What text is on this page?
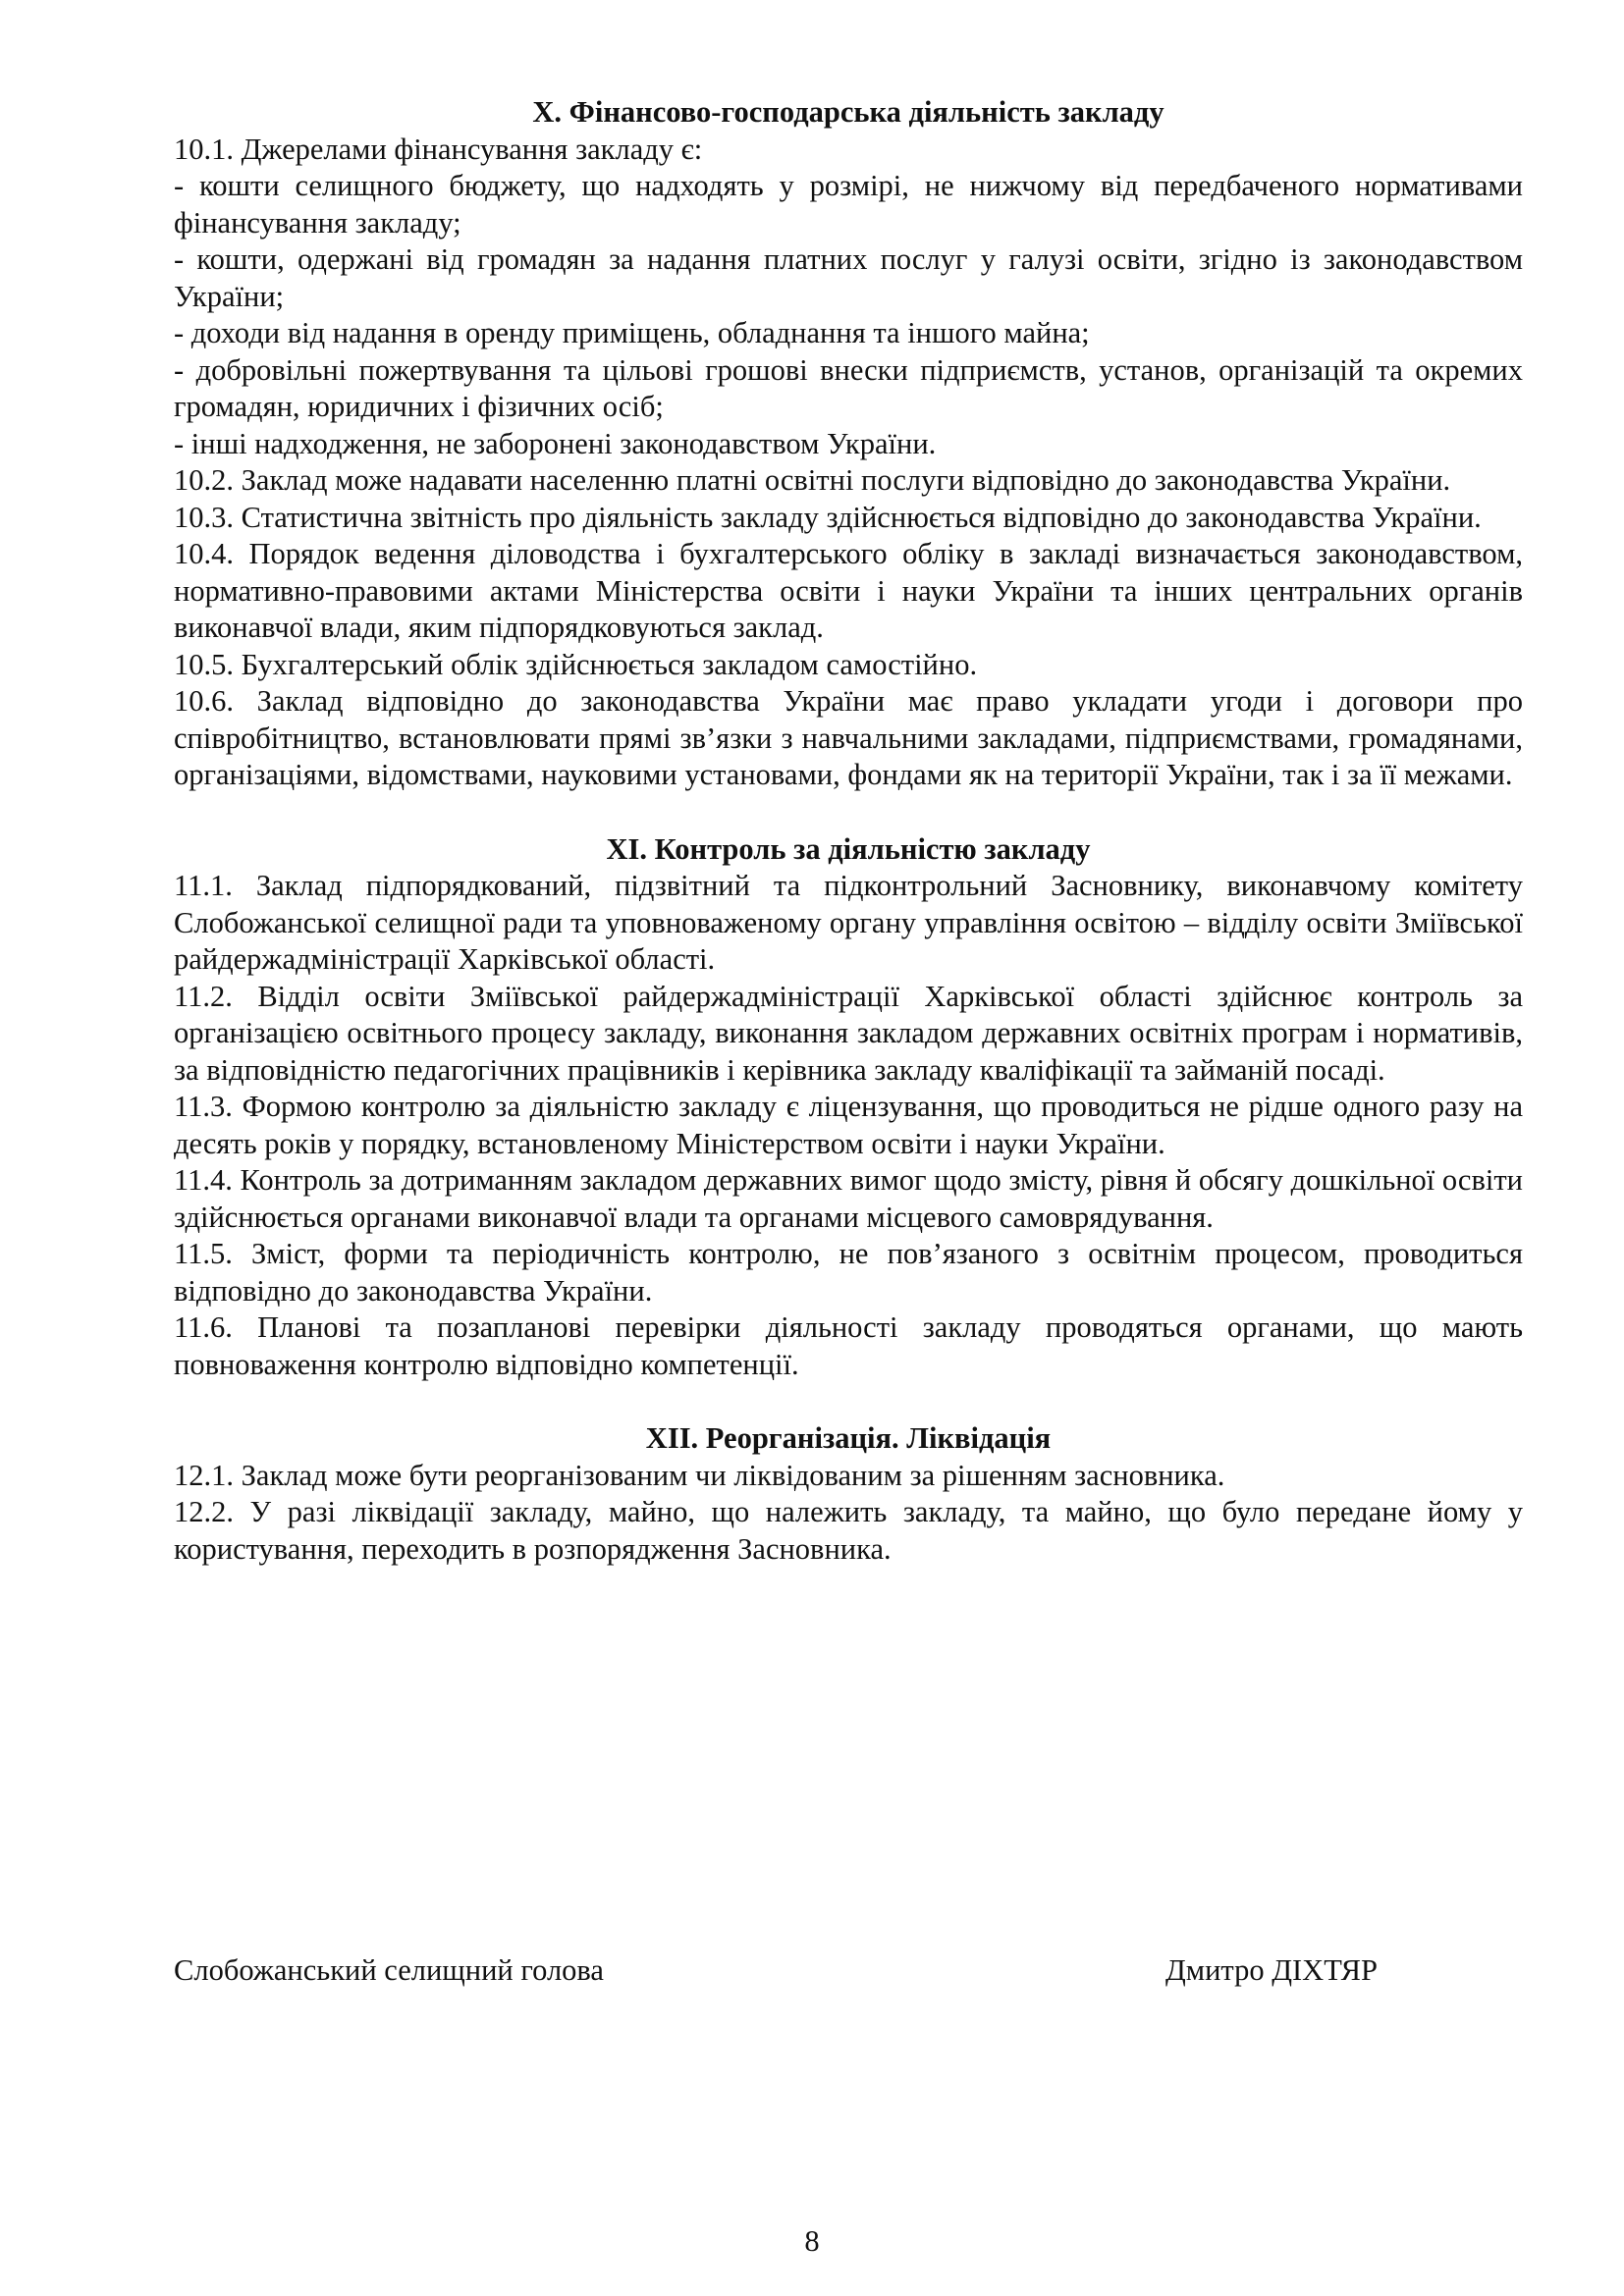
X. Фінансово-господарська діяльність закладу

10.1. Джерелами фінансування закладу є:

- кошти селищного бюджету, що надходять у розмірі, не нижчому від передбаченого нормативами фінансування закладу;

- кошти, одержані від громадян за надання платних послуг у галузі освіти, згідно із законодавством України;

- доходи від надання в оренду приміщень, обладнання та іншого майна;

- добровільні пожертвування та цільові грошові внески підприємств, установ, організацій та окремих громадян, юридичних і фізичних осіб;

- інші надходження, не заборонені законодавством України.

10.2. Заклад може надавати населенню платні освітні послуги відповідно до законодавства України.

10.3. Статистична звітність про діяльність закладу здійснюється відповідно до законодавства України.

10.4. Порядок ведення діловодства і бухгалтерського обліку в закладі визначається законодавством, нормативно-правовими актами Міністерства освіти і науки України та інших центральних органів виконавчої влади, яким підпорядковуються заклад.

10.5. Бухгалтерський облік здійснюється закладом самостійно.

10.6. Заклад відповідно до законодавства України має право укладати угоди і договори про співробітництво, встановлювати прямі зв’язки з навчальними закладами, підприємствами, громадянами, організаціями, відомствами, науковими установами, фондами як на території України, так і за її межами.

XI. Контроль за діяльністю закладу

11.1. Заклад підпорядкований, підзвітний та підконтрольний Засновнику, виконавчому комітету Слобожанської селищної ради та уповноваженому органу управління освітою – відділу освіти Зміївської райдержадміністрації Харківської області.

11.2. Відділ освіти Зміївської райдержадміністрації Харківської області здійснює контроль за організацією освітнього процесу закладу, виконання закладом державних освітніх програм і нормативів, за відповідністю педагогічних працівників і керівника закладу кваліфікації та займаній посаді.

11.3. Формою контролю за діяльністю закладу є ліцензування, що проводиться не рідше одного разу на десять років у порядку, встановленому Міністерством освіти і науки України.

11.4. Контроль за дотриманням закладом державних вимог щодо змісту, рівня й обсягу дошкільної освіти здійснюється органами виконавчої влади та органами місцевого самоврядування.

11.5. Зміст, форми та періодичність контролю, не пов’язаного з освітнім процесом, проводиться відповідно до законодавства України.

11.6. Планові та позапланові перевірки діяльності закладу проводяться органами, що мають повноваження контролю відповідно компетенції.

XII. Реорганізація. Ліквідація

12.1. Заклад може бути реорганізованим чи ліквідованим за рішенням засновника.

12.2. У разі ліквідації закладу, майно, що належить закладу, та майно, що було передане йому у користування, переходить в розпорядження Засновника.

Слобожанський селищний голова	Дмитро ДІХТЯР
8
